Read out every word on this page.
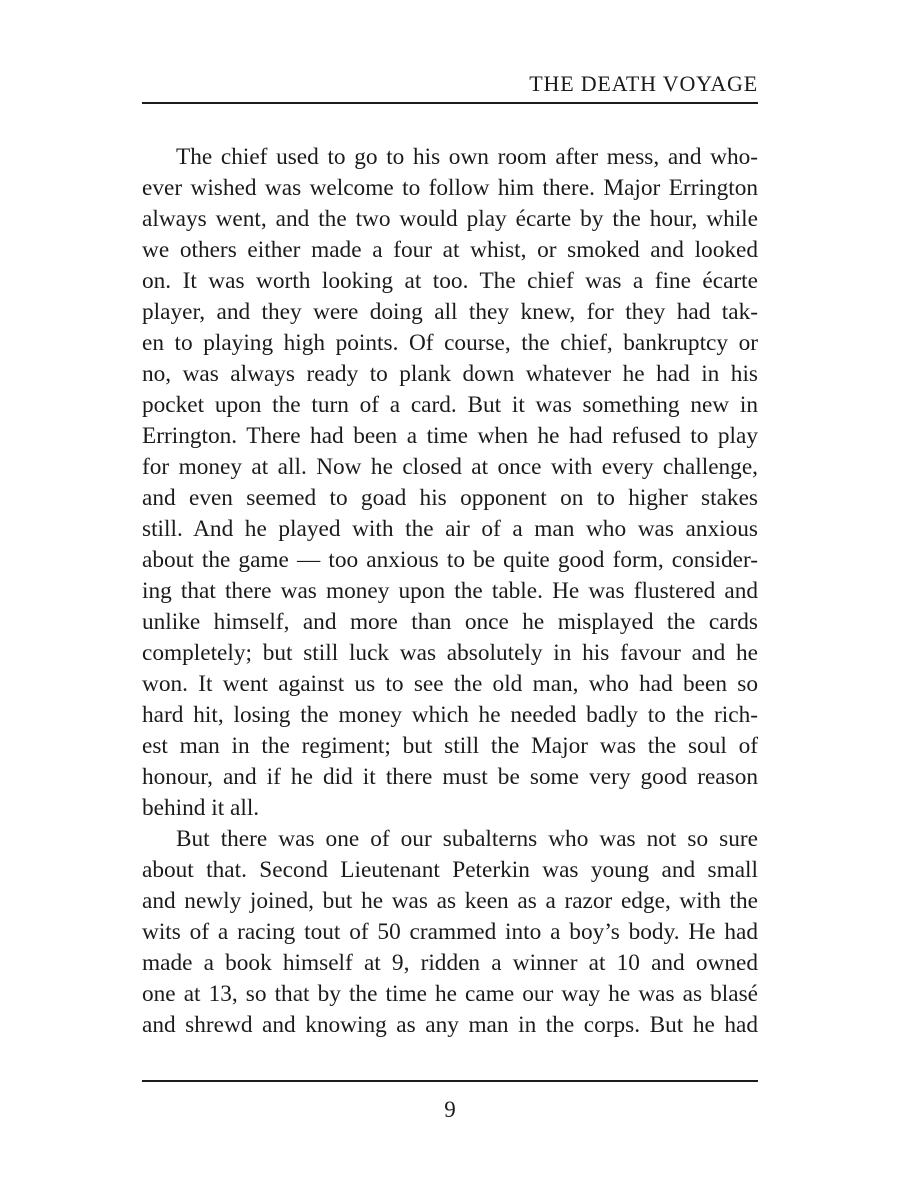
THE DEATH VOYAGE

The chief used to go to his own room after mess, and who-
ever wished was welcome to follow him there. Major Errington
always went, and the two would play écarte by the hour, while
we others either made a four at whist, or smoked and looked
on. It was worth looking at too. The chief was a fine écarte
player, and they were doing all they knew, for they had tak-
en to playing high points. Of course, the chief, bankruptcy or
no, was always ready to plank down whatever he had in his
pocket upon the turn of a card. But it was something new in
Errington. There had been a time when he had refused to play
for money at all. Now he closed at once with every challenge,
and even seemed to goad his opponent on to higher stakes
still. And he played with the air of a man who was anxious
about the game — too anxious to be quite good form, consider-
ing that there was money upon the table. He was flustered and
unlike himself, and more than once he misplayed the cards
completely; but still luck was absolutely in his favour and he
won. It went against us to see the old man, who had been so
hard hit, losing the money which he needed badly to the rich-
est man in the regiment; but still the Major was the soul of
honour, and if he did it there must be some very good reason
behind it all.

But there was one of our subalterns who was not so sure
about that. Second Lieutenant Peterkin was young and small
and newly joined, but he was as keen as a razor edge, with the
wits of a racing tout of 50 crammed into a boy’s body. He had
made a book himself at 9, ridden a winner at 10 and owned
one at 13, so that by the time he came our way he was as blasé
and shrewd and knowing as any man in the corps. But he had

9
